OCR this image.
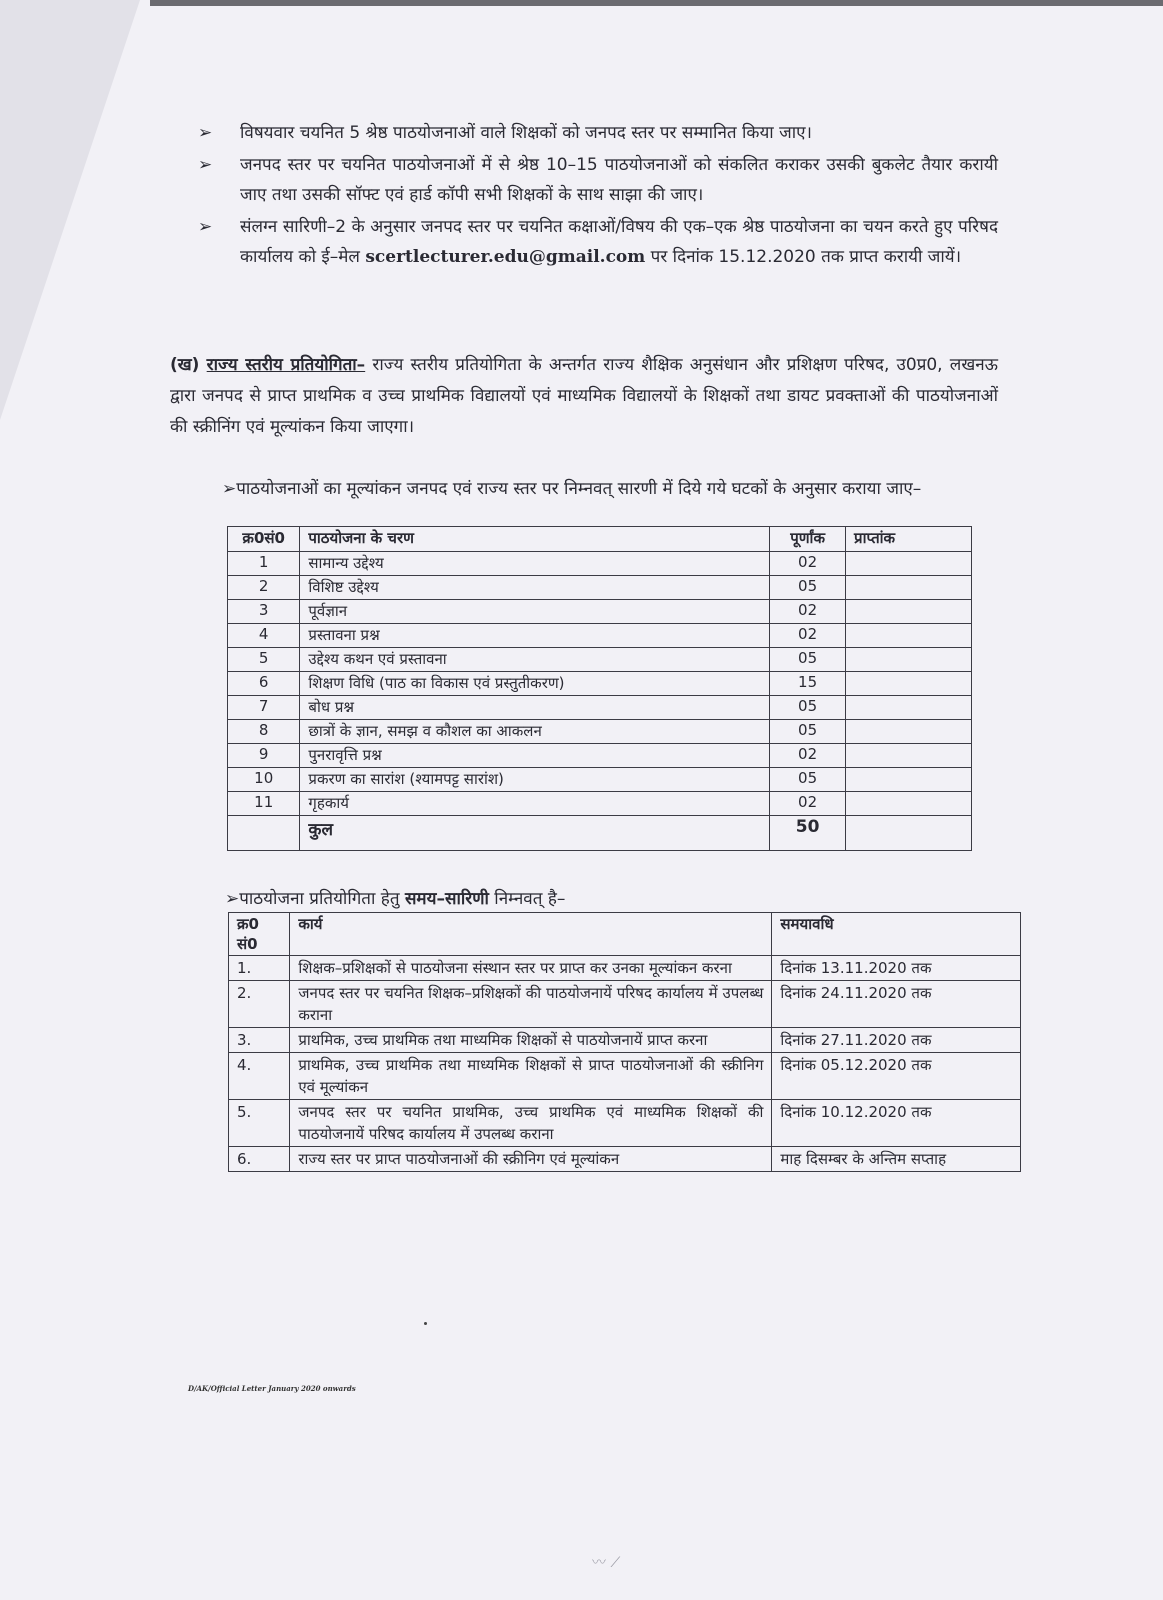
➢ विषयवार चयनित 5 श्रेष्ठ पाठयोजनाओं वाले शिक्षकों को जनपद स्तर पर सम्मानित किया जाए।
➢ जनपद स्तर पर चयनित पाठयोजनाओं में से श्रेष्ठ 10–15 पाठयोजनाओं को संकलित कराकर उसकी बुकलेट तैयार करायी जाए तथा उसकी सॉफ्ट एवं हार्ड कॉपी सभी शिक्षकों के साथ साझा की जाए।
➢ संलग्न सारिणी–2 के अनुसार जनपद स्तर पर चयनित कक्षाओं/विषय की एक–एक श्रेष्ठ पाठयोजना का चयन करते हुए परिषद कार्यालय को ई–मेल scertlecturer.edu@gmail.com पर दिनांक 15.12.2020 तक प्राप्त करायी जायें।
(ख) राज्य स्तरीय प्रतियोगिता– राज्य स्तरीय प्रतियोगिता के अन्तर्गत राज्य शैक्षिक अनुसंधान और प्रशिक्षण परिषद, उ0प्र0, लखनऊ द्वारा जनपद से प्राप्त प्राथमिक व उच्च प्राथमिक विद्यालयों एवं माध्यमिक विद्यालयों के शिक्षकों तथा डायट प्रवक्ताओं की पाठयोजनाओं की स्क्रीनिंग एवं मूल्यांकन किया जाएगा।
➢पाठयोजनाओं का मूल्यांकन जनपद एवं राज्य स्तर पर निम्नवत् सारणी में दिये गये घटकों के अनुसार कराया जाए–
क्र0सं0	पाठयोजना के चरण	पूर्णांक	प्राप्तांक
1	सामान्य उद्देश्य	02	
2	विशिष्ट उद्देश्य	05	
3	पूर्वज्ञान	02	
4	प्रस्तावना प्रश्न	02	
5	उद्देश्य कथन एवं प्रस्तावना	05	
6	शिक्षण विधि (पाठ का विकास एवं प्रस्तुतीकरण)	15	
7	बोध प्रश्न	05	
8	छात्रों के ज्ञान, समझ व कौशल का आकलन	05	
9	पुनरावृत्ति प्रश्न	02	
10	प्रकरण का सारांश (श्यामपट्ट सारांश)	05	
11	गृहकार्य	02	
	कुल	50	
➢पाठयोजना प्रतियोगिता हेतु समय–सारिणी निम्नवत् है–
क्र0 सं0	कार्य	समयावधि
1.	शिक्षक–प्रशिक्षकों से पाठयोजना संस्थान स्तर पर प्राप्त कर उनका मूल्यांकन करना	दिनांक 13.11.2020 तक
2.	जनपद स्तर पर चयनित शिक्षक–प्रशिक्षकों की पाठयोजनायें परिषद कार्यालय में उपलब्ध कराना	दिनांक 24.11.2020 तक
3.	प्राथमिक, उच्च प्राथमिक तथा माध्यमिक शिक्षकों से पाठयोजनायें प्राप्त करना	दिनांक 27.11.2020 तक
4.	प्राथमिक, उच्च प्राथमिक तथा माध्यमिक शिक्षकों से प्राप्त पाठयोजनाओं की स्क्रीनिग एवं मूल्यांकन	दिनांक 05.12.2020 तक
5.	जनपद स्तर पर चयनित प्राथमिक, उच्च प्राथमिक एवं माध्यमिक शिक्षकों की पाठयोजनायें परिषद कार्यालय में उपलब्ध कराना	दिनांक 10.12.2020 तक
6.	राज्य स्तर पर प्राप्त पाठयोजनाओं की स्क्रीनिग एवं मूल्यांकन	माह दिसम्बर के अन्तिम सप्ताह
D/AK/Official Letter January 2020 onwards
〰 ⟋
